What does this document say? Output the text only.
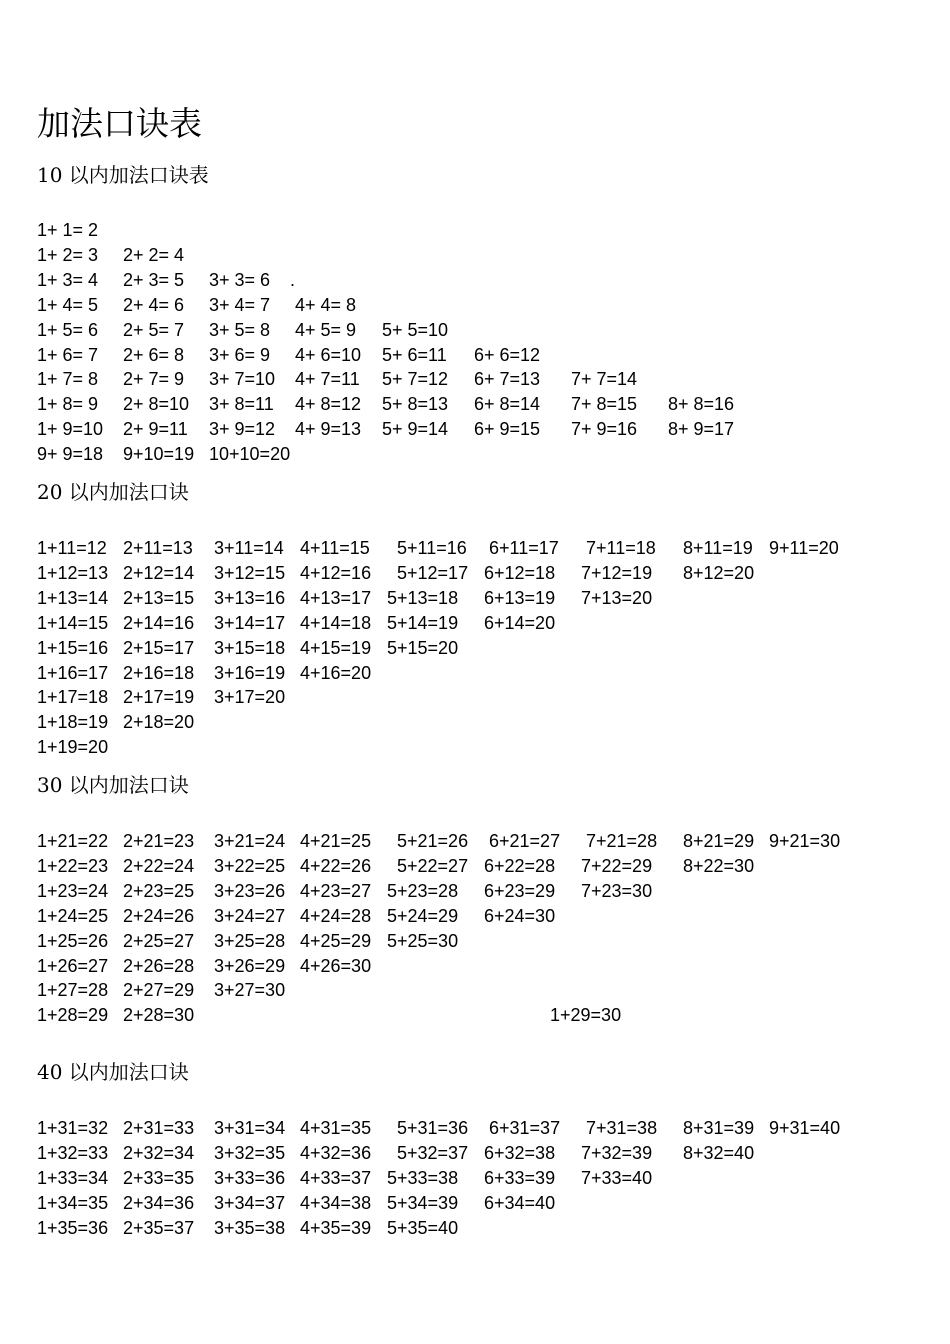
加法口诀表
10 以内加法口诀表
1+ 1= 2
1+ 2= 3 2+ 2= 4
1+ 3= 4 2+ 3= 5 3+ 3= 6 .
1+ 4= 5 2+ 4= 6 3+ 4= 7 4+ 4= 8
1+ 5= 6 2+ 5= 7 3+ 5= 8 4+ 5= 9 5+ 5=10
1+ 6= 7 2+ 6= 8 3+ 6= 9 4+ 6=10 5+ 6=11 6+ 6=12
1+ 7= 8 2+ 7= 9 3+ 7=10 4+ 7=11 5+ 7=12 6+ 7=13 7+ 7=14
1+ 8= 9 2+ 8=10 3+ 8=11 4+ 8=12 5+ 8=13 6+ 8=14 7+ 8=15 8+ 8=16
1+ 9=10 2+ 9=11 3+ 9=12 4+ 9=13 5+ 9=14 6+ 9=15 7+ 9=16 8+ 9=17
9+ 9=18 9+10=19 10+10=20
20 以内加法口诀
1+11=12 2+11=13 3+11=14 4+11=15 5+11=16 6+11=17 7+11=18 8+11=19 9+11=20
1+12=13 2+12=14 3+12=15 4+12=16 5+12=17 6+12=18 7+12=19 8+12=20
1+13=14 2+13=15 3+13=16 4+13=17 5+13=18 6+13=19 7+13=20
1+14=15 2+14=16 3+14=17 4+14=18 5+14=19 6+14=20
1+15=16 2+15=17 3+15=18 4+15=19 5+15=20
1+16=17 2+16=18 3+16=19 4+16=20
1+17=18 2+17=19 3+17=20
1+18=19 2+18=20
1+19=20
30 以内加法口诀
1+21=22 2+21=23 3+21=24 4+21=25 5+21=26 6+21=27 7+21=28 8+21=29 9+21=30
1+22=23 2+22=24 3+22=25 4+22=26 5+22=27 6+22=28 7+22=29 8+22=30
1+23=24 2+23=25 3+23=26 4+23=27 5+23=28 6+23=29 7+23=30
1+24=25 2+24=26 3+24=27 4+24=28 5+24=29 6+24=30
1+25=26 2+25=27 3+25=28 4+25=29 5+25=30
1+26=27 2+26=28 3+26=29 4+26=30
1+27=28 2+27=29 3+27=30
1+28=29 2+28=30	1+29=30
40 以内加法口诀
1+31=32 2+31=33 3+31=34 4+31=35 5+31=36 6+31=37 7+31=38 8+31=39 9+31=40
1+32=33 2+32=34 3+32=35 4+32=36 5+32=37 6+32=38 7+32=39 8+32=40
1+33=34 2+33=35 3+33=36 4+33=37 5+33=38 6+33=39 7+33=40
1+34=35 2+34=36 3+34=37 4+34=38 5+34=39 6+34=40
1+35=36 2+35=37 3+35=38 4+35=39 5+35=40
